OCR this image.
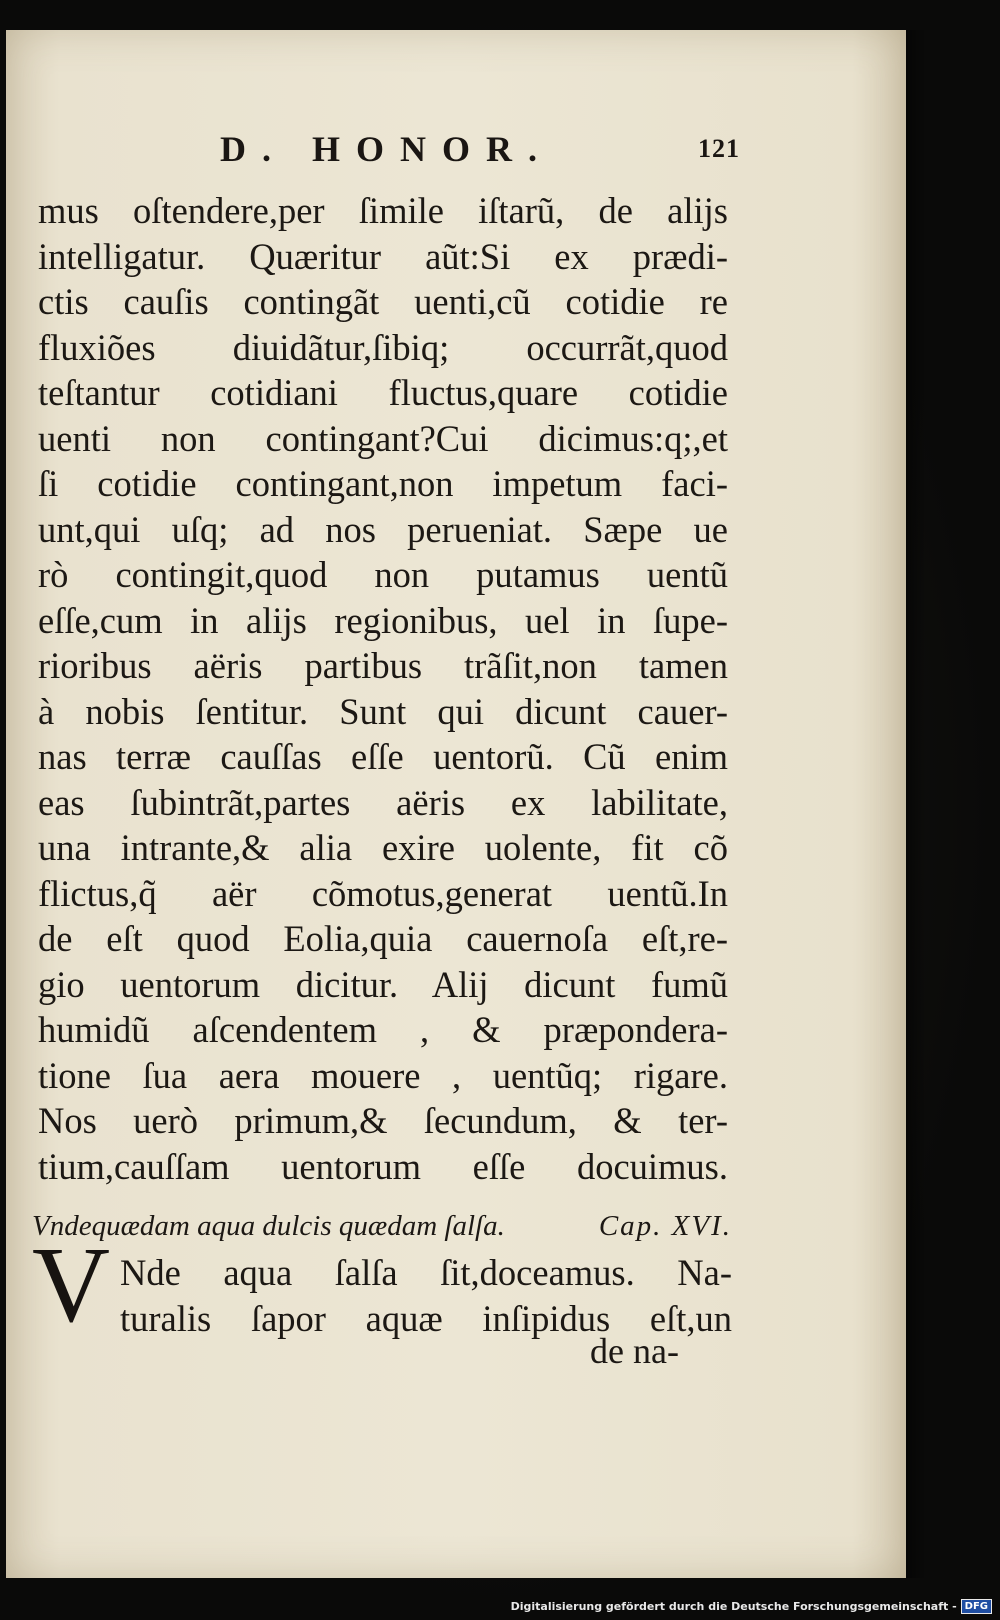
D. HONOR.	121
mus oſtendere,per ſimile iſtarũ, de alijs
intelligatur. Quæritur aũt:Si ex prædi-
ctis cauſis contingãt uenti,cũ cotidie re
fluxiões diuidãtur,ſibiq; occurrãt,quod
teſtantur cotidiani fluctus,quare cotidie
uenti non contingant?Cui dicimus:q;,et
ſi cotidie contingant,non impetum faci-
unt,qui uſq; ad nos perueniat. Sæpe ue
rò contingit,quod non putamus uentũ
eſſe,cum in alijs regionibus, uel in ſupe-
rioribus aëris partibus trãſit,non tamen
à nobis ſentitur. Sunt qui dicunt cauer-
nas terræ cauſſas eſſe uentorũ. Cũ enim
eas ſubintrãt,partes aëris ex labilitate,
una intrante,& alia exire uolente, fit cõ
flictus,q̃ aër cõmotus,generat uentũ.In
de eſt quod Eolia,quia cauernoſa eſt,re-
gio uentorum dicitur. Alij dicunt fumũ
humidũ aſcendentem , & præpondera-
tione ſua aera mouere , uentũq; rigare.
Nos uerò primum,& ſecundum, & ter-
tium,cauſſam uentorum eſſe docuimus.
Vndequædam aqua dulcis quædam ſalſa.	Cap. XVI.
V Nde aqua ſalſa ſit,doceamus. Na-
turalis ſapor aquæ inſipidus eſt,un
de na-
Digitalisierung gefördert durch die Deutsche Forschungsgemeinschaft - DFG
